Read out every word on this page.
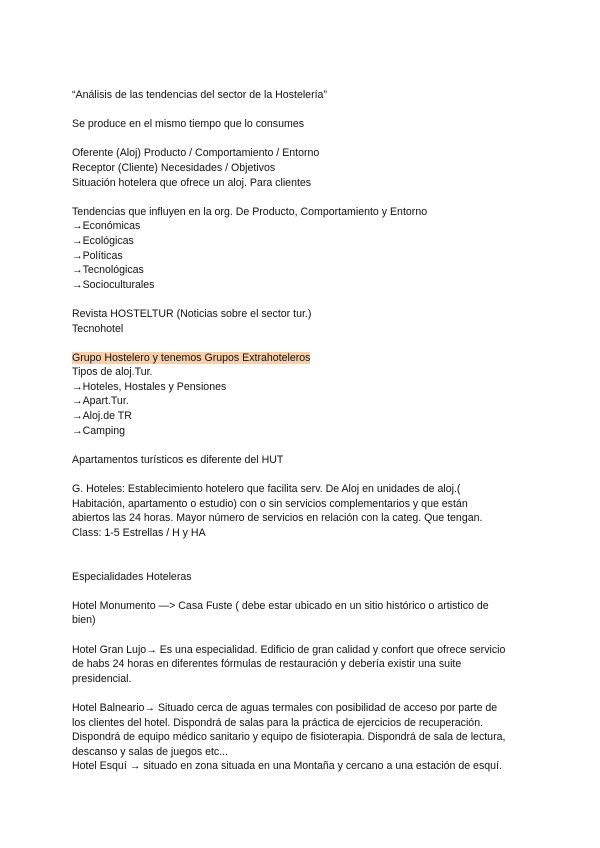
“Análisis de las tendencias del sector de la Hostelería”
Se produce en el mismo tiempo que lo consumes
Oferente (Aloj) Producto / Comportamiento / Entorno
Receptor (Cliente) Necesidades / Objetivos
Situación hotelera que ofrece un aloj. Para clientes
Tendencias que influyen en la org. De Producto, Comportamiento y Entorno
→Económicas
→Ecológicas
→Políticas
→Tecnológicas
→Socioculturales
Revista HOSTELTUR (Noticias sobre el sector tur.)
Tecnohotel
Grupo Hostelero y tenemos Grupos Extrahoteleros
Tipos de aloj.Tur.
→Hoteles, Hostales y Pensiones
→Apart.Tur.
→Aloj.de TR
→Camping
Apartamentos turísticos es diferente del HUT
G. Hoteles: Establecimiento hotelero que facilita serv. De Aloj en unidades de aloj.(
Habitación, apartamento o estudio) con o sin servicios complementarios y que están
abiertos las 24 horas. Mayor número de servicios en relación con la categ. Que tengan.
Class: 1-5 Estrellas / H y HA
Especialidades Hoteleras
Hotel Monumento —> Casa Fuste ( debe estar ubicado en un sitio histórico o artistico de
bien)
Hotel Gran Lujo→ Es una especialidad. Edificio de gran calidad y confort que ofrece servicio
de habs 24 horas en diferentes fórmulas de restauración y debería existir una suite
presidencial.
Hotel Balneario→ Situado cerca de aguas termales con posibilidad de acceso por parte de
los clientes del hotel. Dispondrá de salas para la práctica de ejercicios de recuperación.
Dispondrá de equipo médico sanitario y equipo de fisioterapia. Dispondrá de sala de lectura,
descanso y salas de juegos etc...
Hotel Esquí → situado en zona situada en una Montaña y cercano a una estación de esquí.
